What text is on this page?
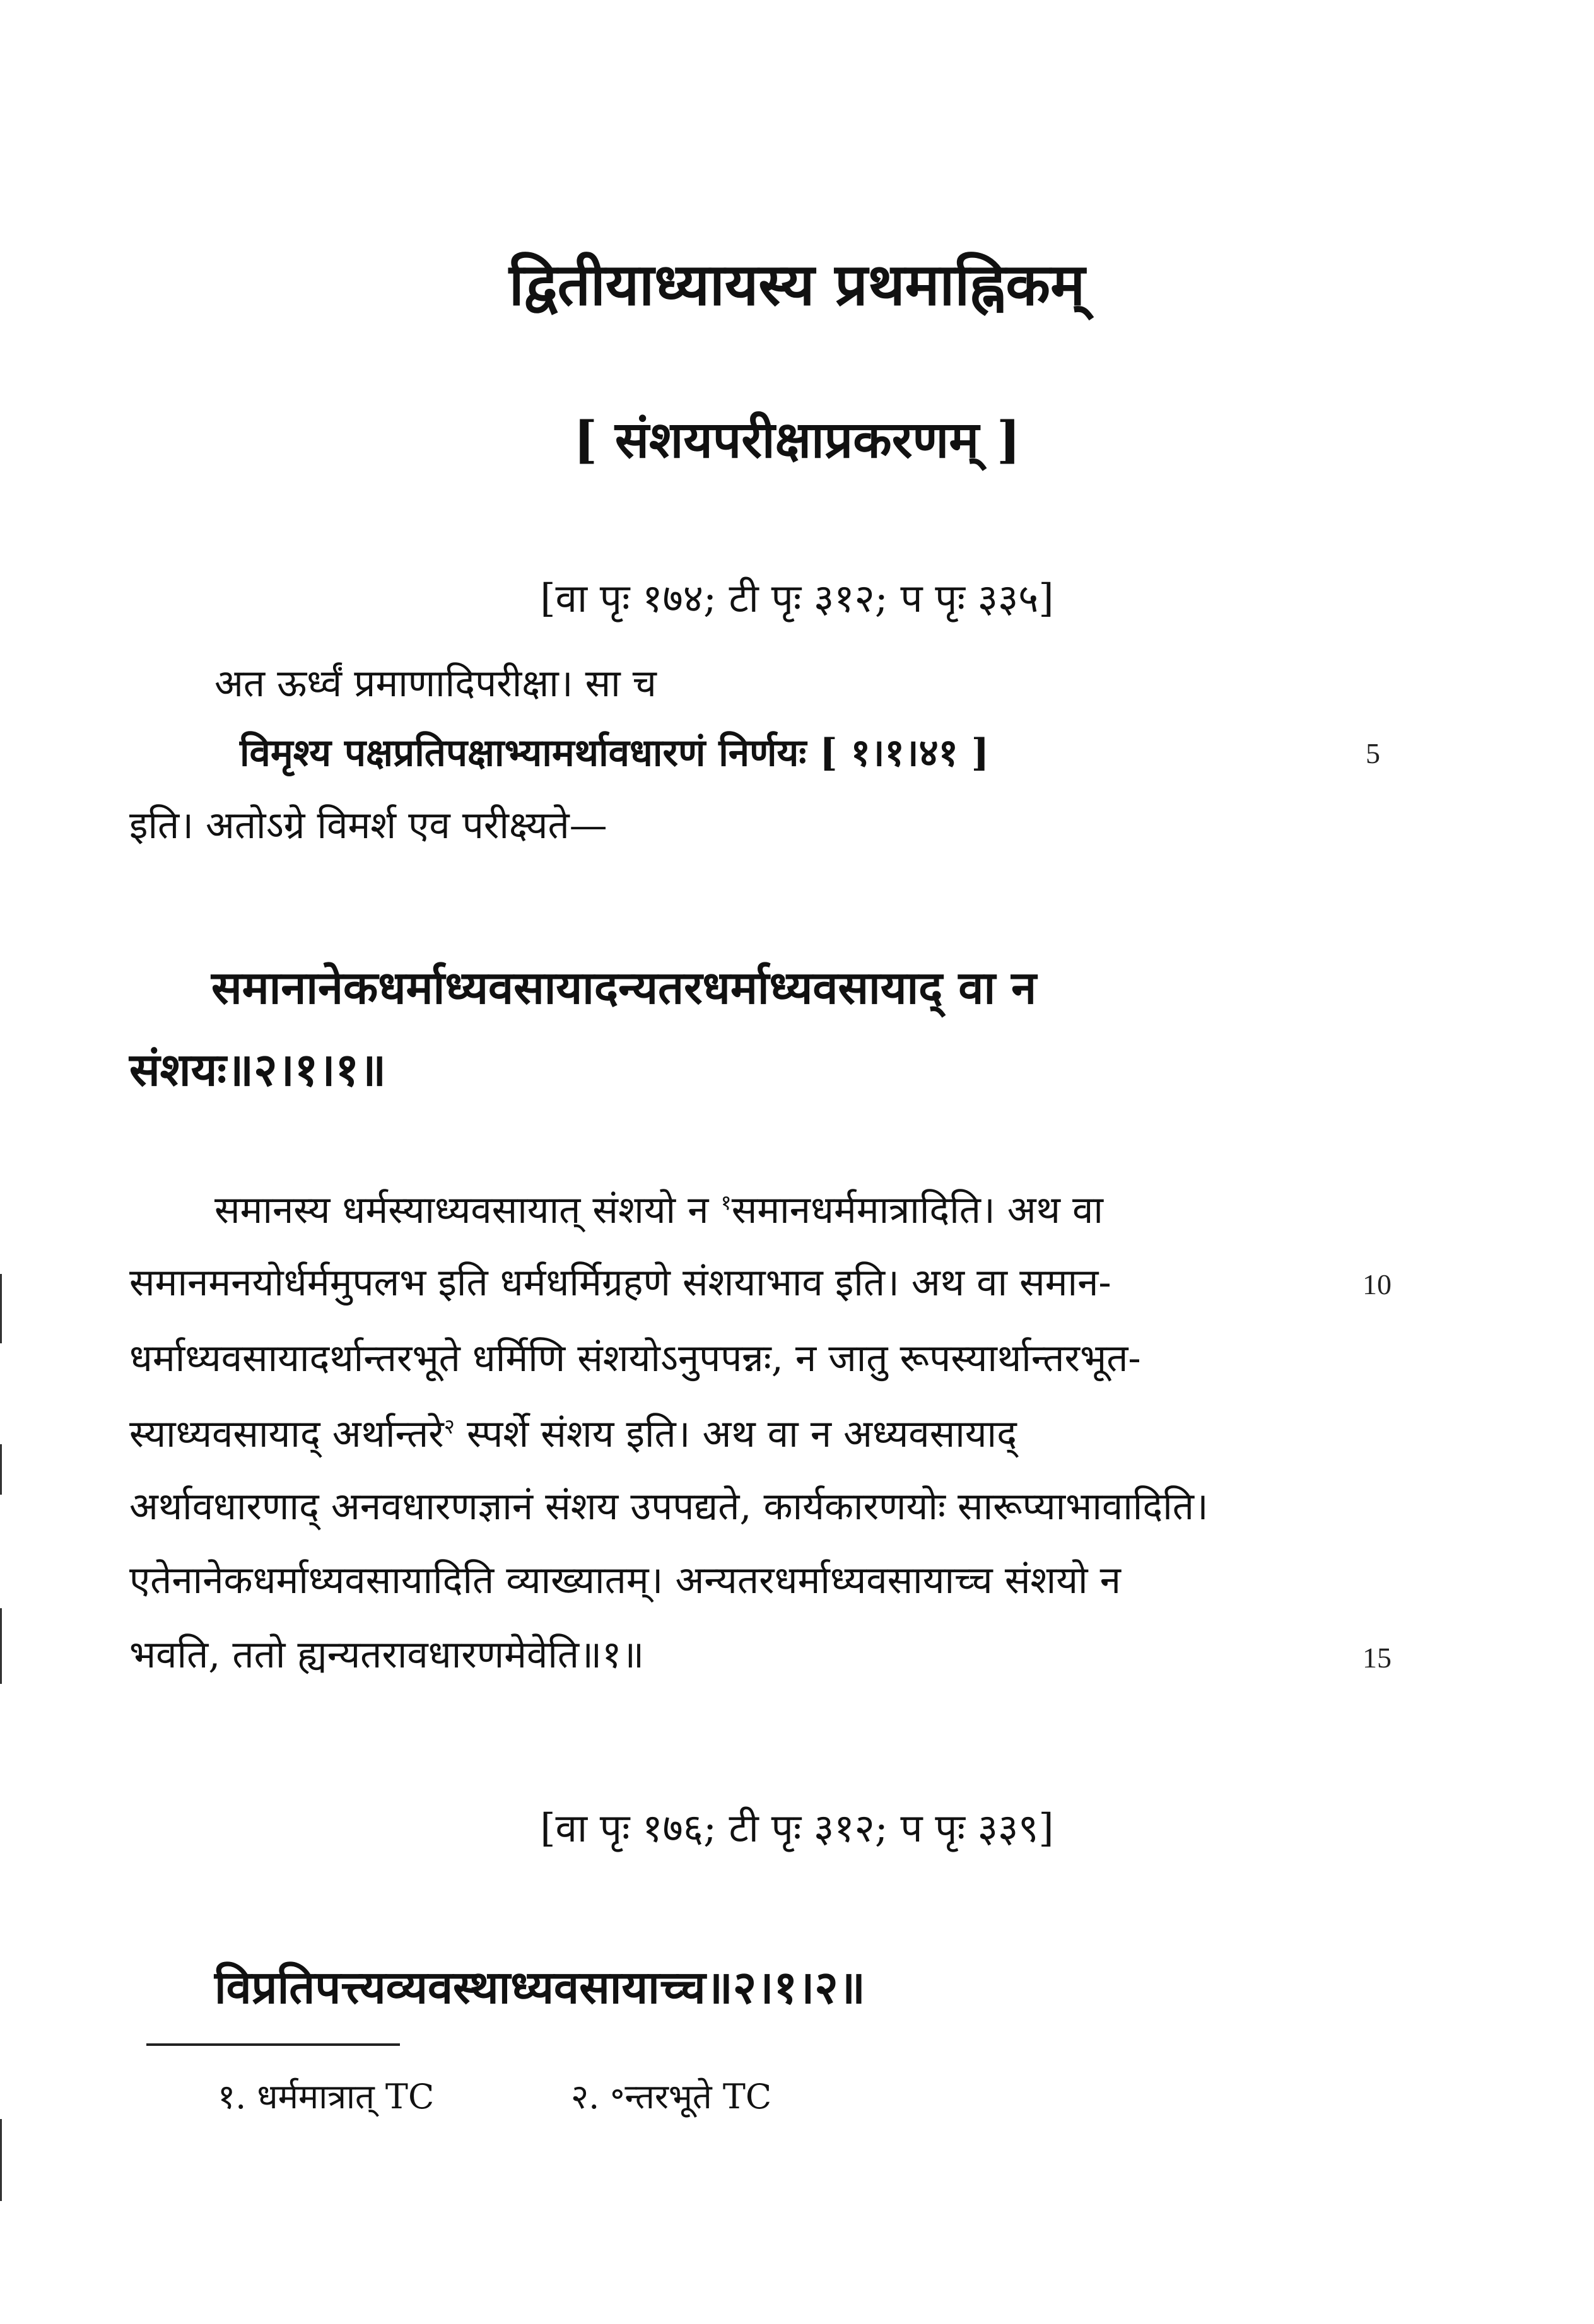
द्वितीयाध्यायस्य प्रथमाह्निकम्
[ संशयपरीक्षाप्रकरणम् ]
[वा पृः १७४; टी पृः ३१२; प पृः ३३५]
अत ऊर्ध्वं प्रमाणादिपरीक्षा। सा च
विमृश्य पक्षप्रतिपक्षाभ्यामर्थावधारणं निर्णयः [ १।१।४१ ]	5
इति। अतोऽग्रे विमर्श एव परीक्ष्यते—
समानानेकधर्माध्यवसायादन्यतरधर्माध्यवसायाद् वा न
संशयः॥२।१।१॥
समानस्य धर्मस्याध्यवसायात् संशयो न $^१$समानधर्ममात्रादिति। अथ वा
समानमनयोर्धर्ममुपलभ इति धर्मधर्मिग्रहणे संशयाभाव इति। अथ वा समान-	10
धर्माध्यवसायादर्थान्तरभूते धर्मिणि संशयोऽनुपपन्नः, न जातु रूपस्यार्थान्तरभूत-
स्याध्यवसायाद् अर्थान्तरे$^२$ स्पर्शे संशय इति। अथ वा न अध्यवसायाद्
अर्थावधारणाद् अनवधारणज्ञानं संशय उपपद्यते, कार्यकारणयोः सारूप्याभावादिति।
एतेनानेकधर्माध्यवसायादिति व्याख्यातम्। अन्यतरधर्माध्यवसायाच्च संशयो न
भवति, ततो ह्यन्यतरावधारणमेवेति॥१॥	15
[वा पृः १७६; टी पृः ३१२; प पृः ३३९]
विप्रतिपत्त्यव्यवस्थाध्यवसायाच्च॥२।१।२॥
१. धर्ममात्रात् TC	२. ॰न्तरभूते TC
